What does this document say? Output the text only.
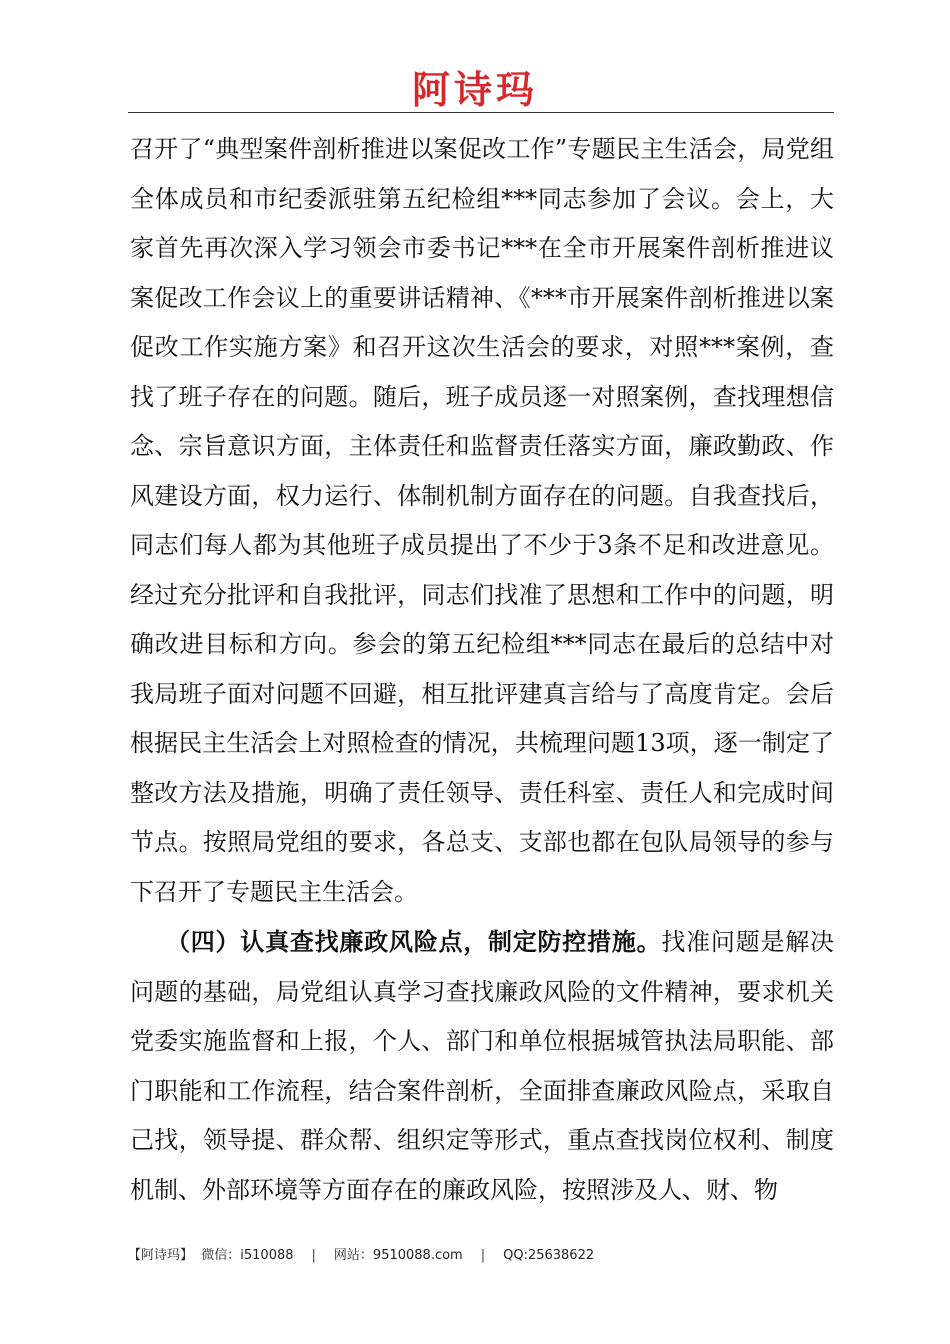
阿诗玛

召开了“典型案件剖析推进以案促改工作”专题民主生活会，局党组全体成员和市纪委派驻第五纪检组***同志参加了会议。会上，大家首先再次深入学习领会市委书记***在全市开展案件剖析推进议案促改工作会议上的重要讲话精神、《***市开展案件剖析推进以案促改工作实施方案》和召开这次生活会的要求，对照***案例，查找了班子存在的问题。随后，班子成员逐一对照案例，查找理想信念、宗旨意识方面，主体责任和监督责任落实方面，廉政勤政、作风建设方面，权力运行、体制机制方面存在的问题。自我查找后，同志们每人都为其他班子成员提出了不少于3条不足和改进意见。经过充分批评和自我批评，同志们找准了思想和工作中的问题，明确改进目标和方向。参会的第五纪检组***同志在最后的总结中对我局班子面对问题不回避，相互批评建真言给与了高度肯定。会后根据民主生活会上对照检查的情况，共梳理问题13项，逐一制定了整改方法及措施，明确了责任领导、责任科室、责任人和完成时间节点。按照局党组的要求，各总支、支部也都在包队局领导的参与下召开了专题民主生活会。

（四）认真查找廉政风险点，制定防控措施。找准问题是解决问题的基础，局党组认真学习查找廉政风险的文件精神，要求机关党委实施监督和上报，个人、部门和单位根据城管执法局职能、部门职能和工作流程，结合案件剖析，全面排查廉政风险点，采取自己找，领导提、群众帮、组织定等形式，重点查找岗位权利、制度机制、外部环境等方面存在的廉政风险，按照涉及人、财、物

【阿诗玛】 微信：i510088 | 网站：9510088.com | QQ:25638622
